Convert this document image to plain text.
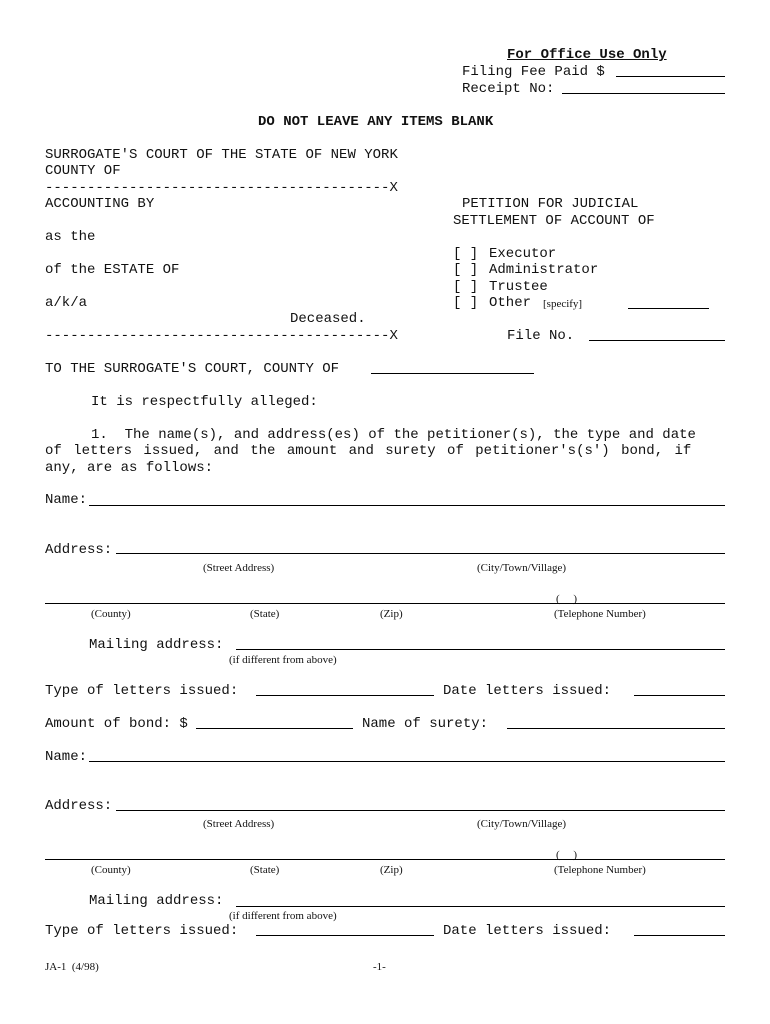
For Office Use Only
Filing Fee Paid $
Receipt No:
DO NOT LEAVE ANY ITEMS BLANK
SURROGATE'S COURT OF THE STATE OF NEW YORK
COUNTY OF
-----------------------------------------X
ACCOUNTING BY
as the
of the ESTATE OF
a/k/a
Deceased.
-----------------------------------------X
PETITION FOR JUDICIAL
SETTLEMENT OF ACCOUNT OF
[ ] Executor
[ ] Administrator
[ ] Trustee
[ ] Other [specify]
File No.
TO THE SURROGATE'S COURT, COUNTY OF
It is respectfully alleged:
1.  The name(s), and address(es) of the petitioner(s), the type and date
of letters issued, and the amount and surety of petitioner's(s') bond, if
any, are as follows:
Name:
Address:
(Street Address)	(City/Town/Village)
(     )
(County)	(State)	(Zip)	(Telephone Number)
Mailing address:
(if different from above)
Type of letters issued:	Date letters issued:
Amount of bond: $	Name of surety:
Name:
Address:
(Street Address)	(City/Town/Village)
(     )
(County)	(State)	(Zip)	(Telephone Number)
Mailing address:
(if different from above)
Type of letters issued:	Date letters issued:
JA-1  (4/98)	-1-
